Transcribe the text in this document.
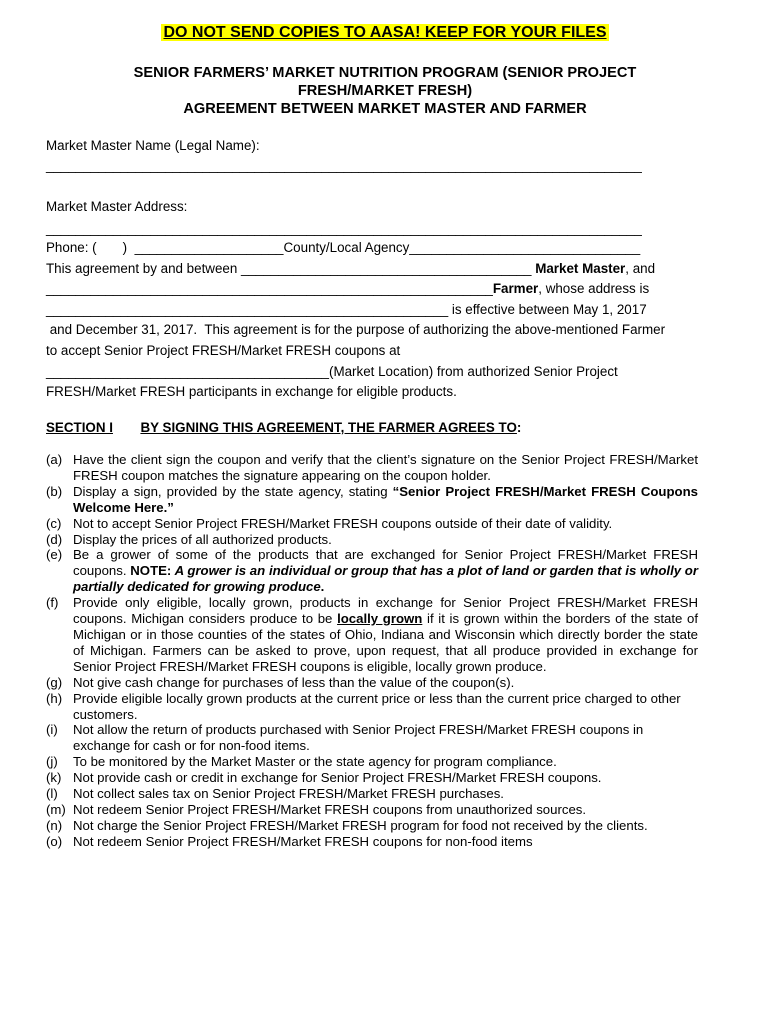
DO NOT SEND COPIES TO AASA! KEEP FOR YOUR FILES
SENIOR FARMERS’ MARKET NUTRITION PROGRAM (SENIOR PROJECT
FRESH/MARKET FRESH)
AGREEMENT BETWEEN MARKET MASTER AND FARMER
Market Master Name (Legal Name):
________________________________________________________________________________
Market Master Address:
________________________________________________________________________________
Phone: (       )  ____________________County/Local Agency_______________________________
This agreement by and between _______________________________________ Market Master, and
____________________________________________________________Farmer, whose address is
______________________________________________________ is effective between May 1, 2017
and December 31, 2017.  This agreement is for the purpose of authorizing the above-mentioned Farmer
to accept Senior Project FRESH/Market FRESH coupons at
______________________________________(Market Location) from authorized Senior Project
FRESH/Market FRESH participants in exchange for eligible products.
SECTION I BY SIGNING THIS AGREEMENT, THE FARMER AGREES TO:
(a) Have the client sign the coupon and verify that the client’s signature on the Senior Project FRESH/Market FRESH coupon matches the signature appearing on the coupon holder.
(b) Display a sign, provided by the state agency, stating “Senior Project FRESH/Market FRESH Coupons Welcome Here.”
(c) Not to accept Senior Project FRESH/Market FRESH coupons outside of their date of validity.
(d) Display the prices of all authorized products.
(e) Be a grower of some of the products that are exchanged for Senior Project FRESH/Market FRESH coupons. NOTE: A grower is an individual or group that has a plot of land or garden that is wholly or partially dedicated for growing produce.
(f)	Provide only eligible, locally grown, products in exchange for Senior Project FRESH/Market FRESH coupons. Michigan considers produce to be locally grown if it is grown within the borders of the state of Michigan or in those counties of the states of Ohio, Indiana and Wisconsin which directly border the state of Michigan. Farmers can be asked to prove, upon request, that all produce provided in exchange for Senior Project FRESH/Market FRESH coupons is eligible, locally grown produce.
(g) Not give cash change for purchases of less than the value of the coupon(s).
(h) Provide eligible locally grown products at the current price or less than the current price charged to other customers.
(i)	Not allow the return of products purchased with Senior Project FRESH/Market FRESH coupons in exchange for cash or for non-food items.
(j)	To be monitored by the Market Master or the state agency for program compliance.
(k) Not provide cash or credit in exchange for Senior Project FRESH/Market FRESH coupons.
(l)	Not collect sales tax on Senior Project FRESH/Market FRESH purchases.
(m) Not redeem Senior Project FRESH/Market FRESH coupons from unauthorized sources.
(n) Not charge the Senior Project FRESH/Market FRESH program for food not received by the clients.
(o) Not redeem Senior Project FRESH/Market FRESH coupons for non-food items
